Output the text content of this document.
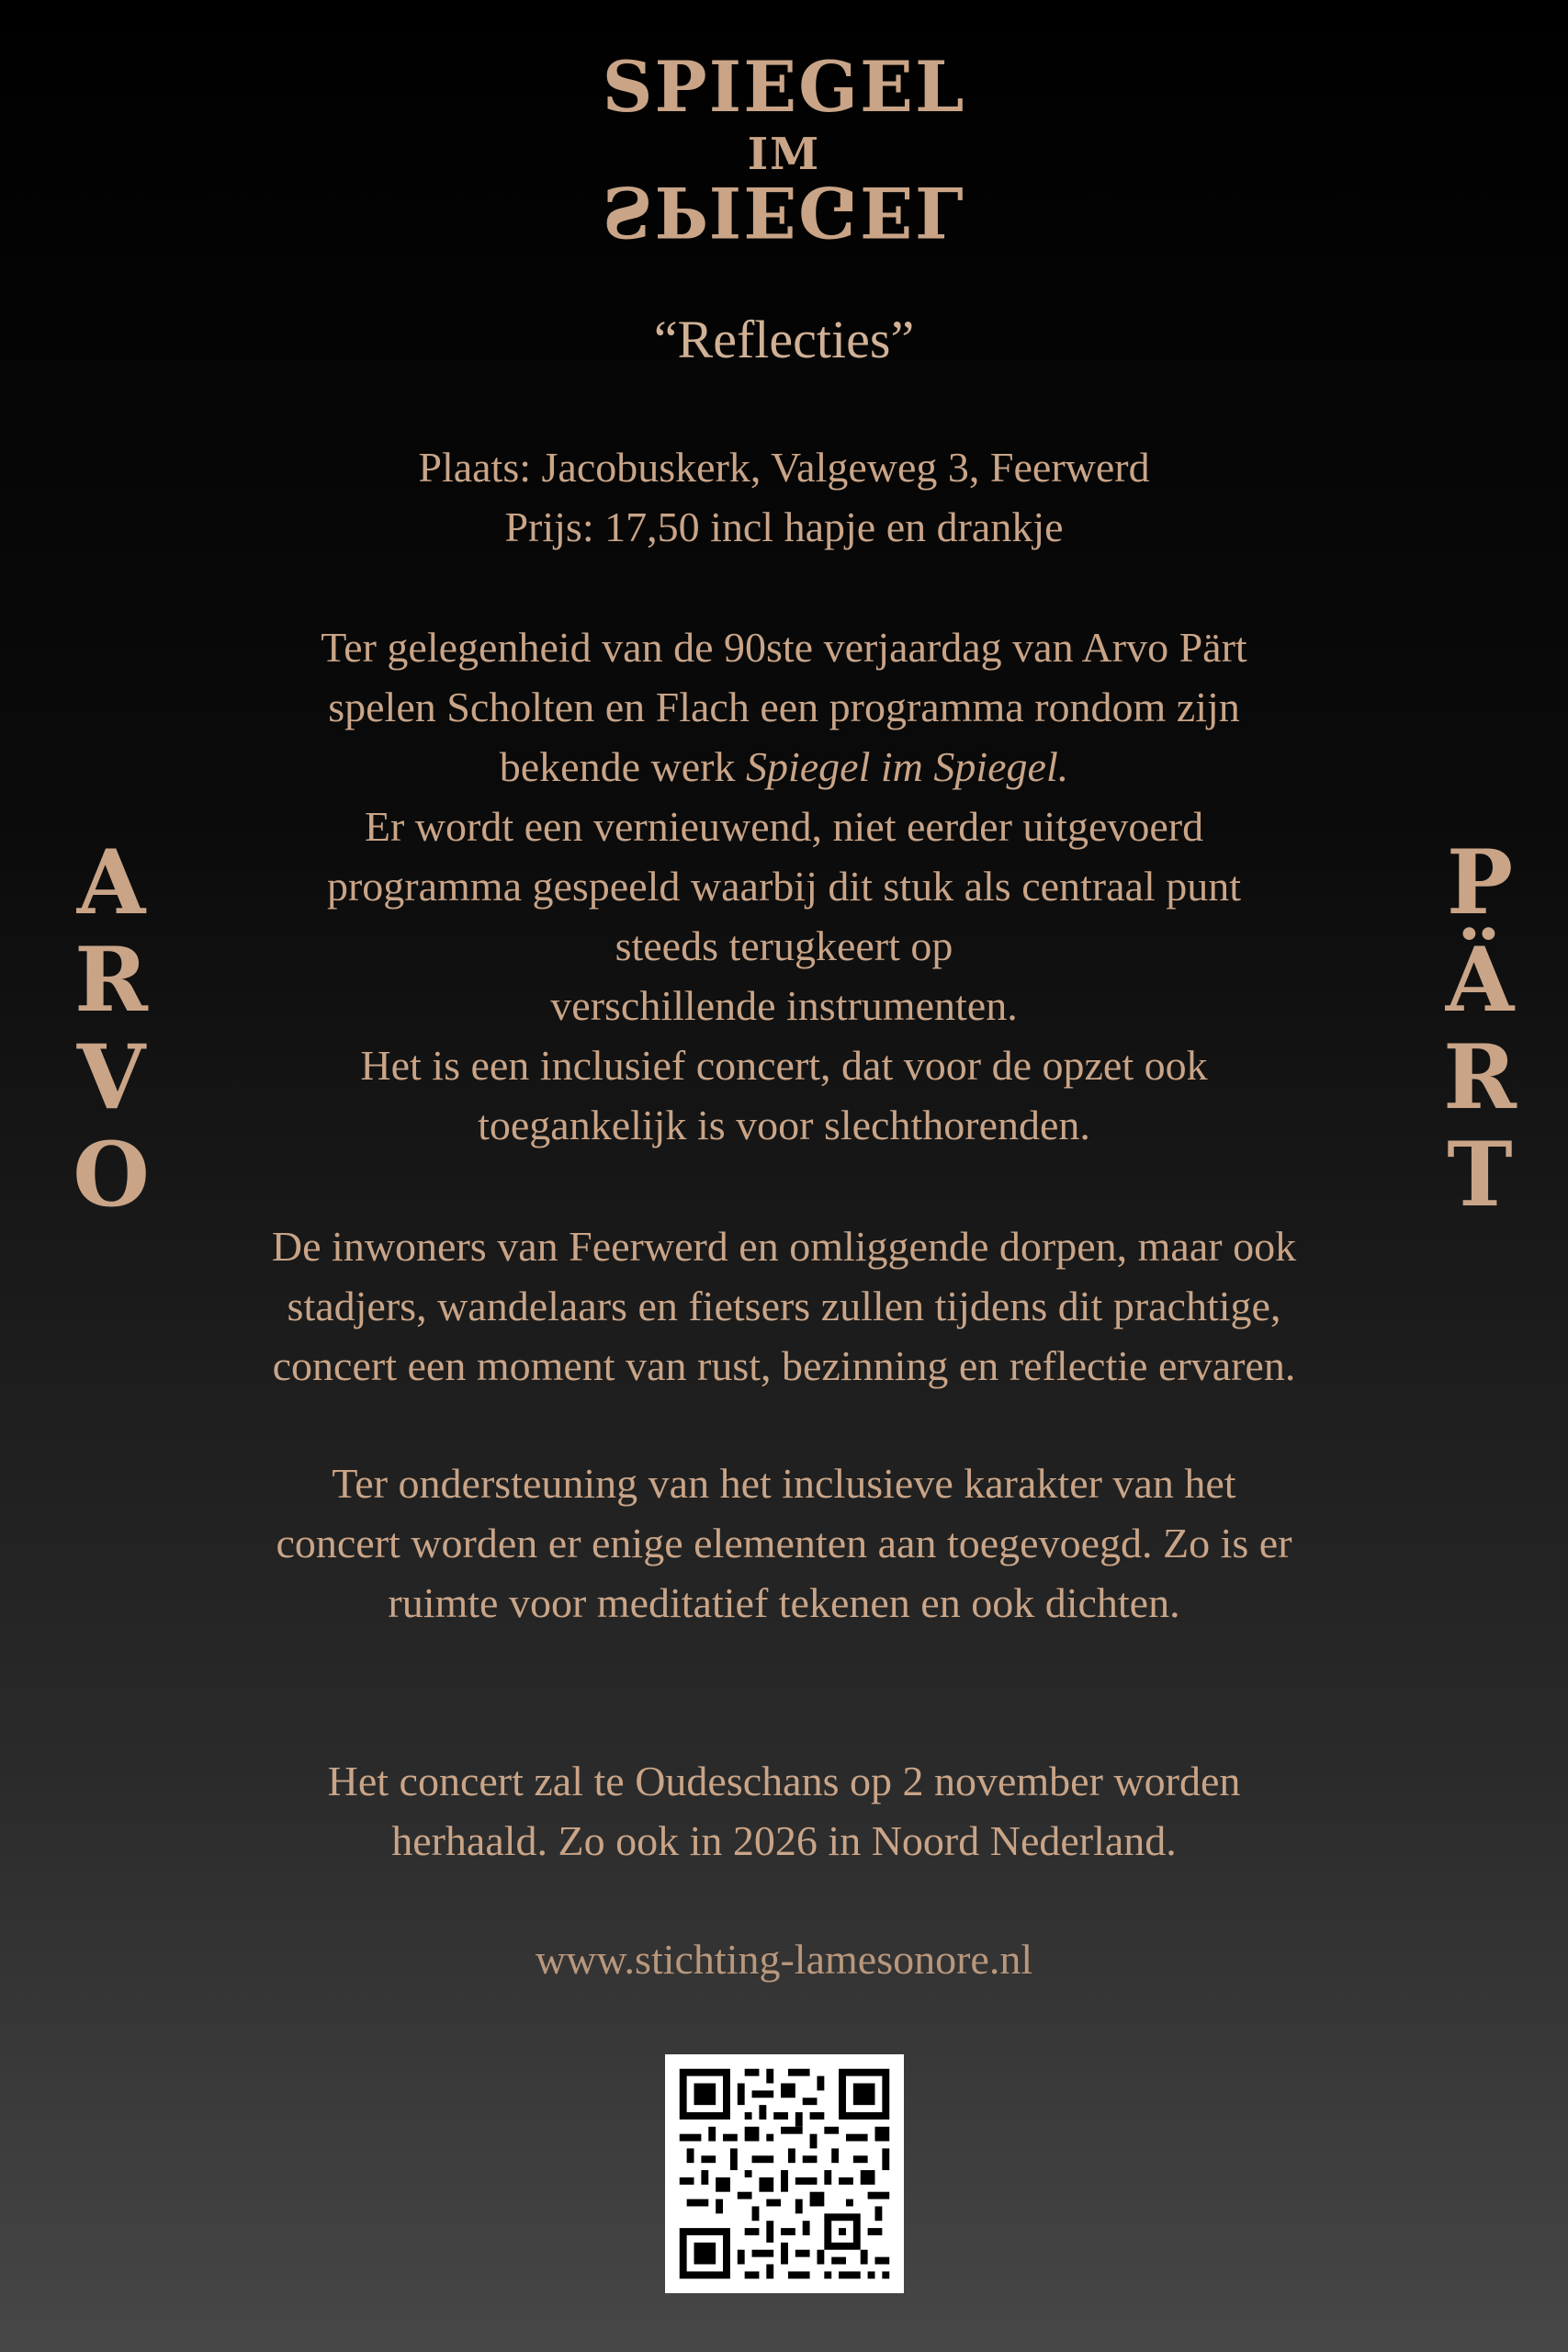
SPIEGEL
IM
SPIEGEL
“Reflecties”
A
R
V
O
P
Ä
R
T

Plaats: Jacobuskerk, Valgeweg 3, Feerwerd

Prijs: 17,50 incl hapje en drankje

Ter gelegenheid van de 90ste verjaardag van Arvo Pärt

spelen Scholten en Flach een programma rondom zijn

bekende werk Spiegel im Spiegel.

Er wordt een vernieuwend, niet eerder uitgevoerd

programma gespeeld waarbij dit stuk als centraal punt

steeds terugkeert op

verschillende instrumenten.

Het is een inclusief concert, dat voor de opzet ook

toegankelijk is voor slechthorenden.

De inwoners van Feerwerd en omliggende dorpen, maar ook

stadjers, wandelaars en fietsers zullen tijdens dit prachtige,

concert een moment van rust, bezinning en reflectie ervaren.

Ter ondersteuning van het inclusieve karakter van het

concert worden er enige elementen aan toegevoegd. Zo is er

ruimte voor meditatief tekenen en ook dichten.

Het concert zal te Oudeschans op 2 november worden

herhaald. Zo ook in 2026 in Noord Nederland.

www.stichting-lamesonore.nl
